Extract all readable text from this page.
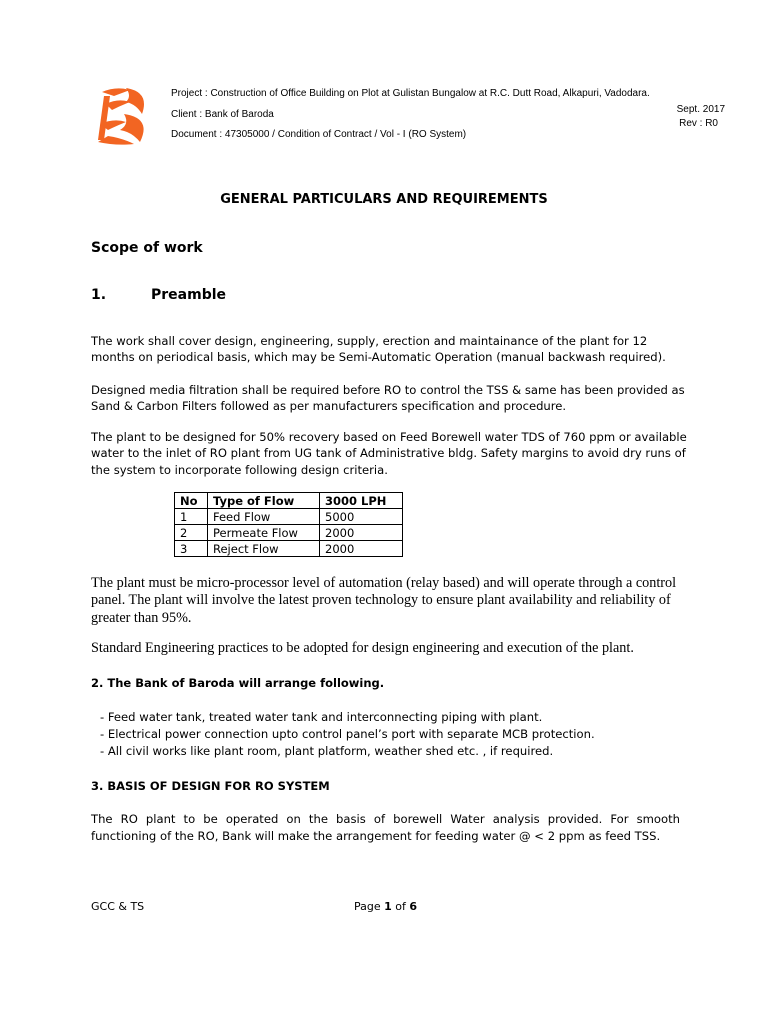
Project : Construction of Office Building on Plot at Gulistan Bungalow at R.C. Dutt Road, Alkapuri, Vadodara.
Client : Bank of Baroda
Document : 47305000 / Condition of Contract / Vol - I (RO System)
Sept. 2017
Rev : R0
GENERAL PARTICULARS AND REQUIREMENTS
Scope of work
1.	Preamble

The work shall cover design, engineering, supply, erection and maintainance of the plant for 12 months on periodical basis, which may be Semi-Automatic Operation (manual backwash required).

Designed media filtration shall be required before RO to control the TSS & same has been provided as Sand & Carbon Filters followed as per manufacturers specification and procedure.

The plant to be designed for 50% recovery based on Feed Borewell water TDS of 760 ppm or available water to the inlet of RO plant from UG tank of Administrative bldg. Safety margins to avoid dry runs of the system to incorporate following design criteria.

No	Type of Flow	3000 LPH
1	Feed Flow	5000
2	Permeate Flow	2000
3	Reject Flow	2000
The plant must be micro-processor level of automation (relay based) and will operate through a control panel. The plant will involve the latest proven technology to ensure plant availability and reliability of greater than 95%.
Standard Engineering practices to be adopted for design engineering and execution of the plant.
2. The Bank of Baroda will arrange following.
- Feed water tank, treated water tank and interconnecting piping with plant.
- Electrical power connection upto control panel’s port with separate MCB protection.
- All civil works like plant room, plant platform, weather shed etc. , if required.
3. BASIS OF DESIGN FOR RO SYSTEM
The RO plant to be operated on the basis of borewell Water analysis provided. For smooth functioning of the RO, Bank will make the arrangement for feeding water @ < 2 ppm as feed TSS.
GCC & TS	Page 1 of 6
